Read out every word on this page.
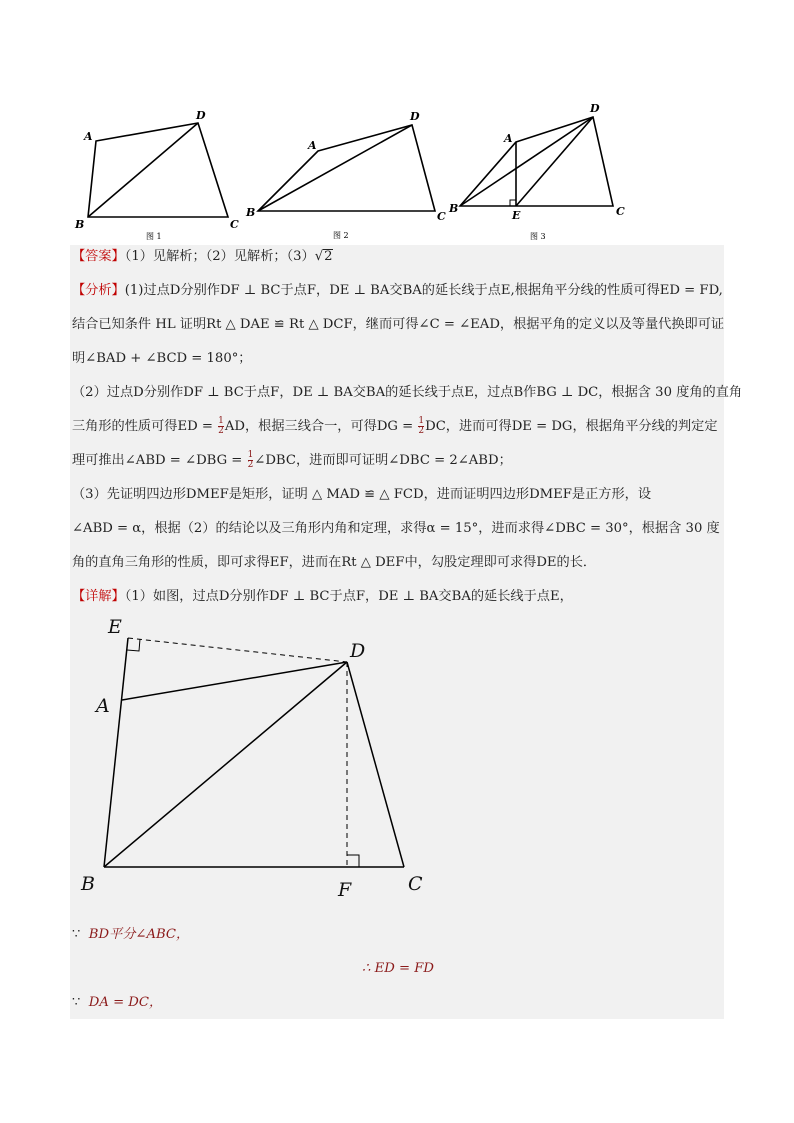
A
D
B	C
A
D
B	C
A
D
B
E	C
图 1	图 2	图 3
【答案】（1）见解析；（2）见解析；（3）√2
【分析】(1)过点D分别作DF ⊥ BC于点F，DE ⊥ BA交BA的延长线于点E,根据角平分线的性质可得ED = FD,
结合已知条件 HL 证明Rt △ DAE ≌ Rt △ DCF，继而可得∠C = ∠EAD，根据平角的定义以及等量代换即可证
明∠BAD + ∠BCD = 180°；
（2）过点D分别作DF ⊥ BC于点F，DE ⊥ BA交BA的延长线于点E，过点B作BG ⊥ DC，根据含 30 度角的直角
三角形的性质可得ED = $\frac{1}{2}$ AD，根据三线合一，可得DG = $\frac{1}{2}$ DC，进而可得DE = DG，根据角平分线的判定定
理可推出∠ABD = ∠DBG = $\frac{1}{2}$ ∠DBC，进而即可证明∠DBC = 2∠ABD；
（3）先证明四边形DMEF是矩形，证明 △ MAD ≌ △ FCD，进而证明四边形DMEF是正方形，设
∠ABD = α，根据（2）的结论以及三角形内角和定理，求得α = 15°，进而求得∠DBC = 30°，根据含 30 度
角的直角三角形的性质，即可求得EF，进而在Rt △ DEF中，勾股定理即可求得DE的长．
【详解】（1）如图，过点D分别作DF ⊥ BC于点F，DE ⊥ BA交BA的延长线于点E，
E
A
D
B	F	C
∵ BD平分∠ABC，
∴ ED = FD
∵ DA = DC，
